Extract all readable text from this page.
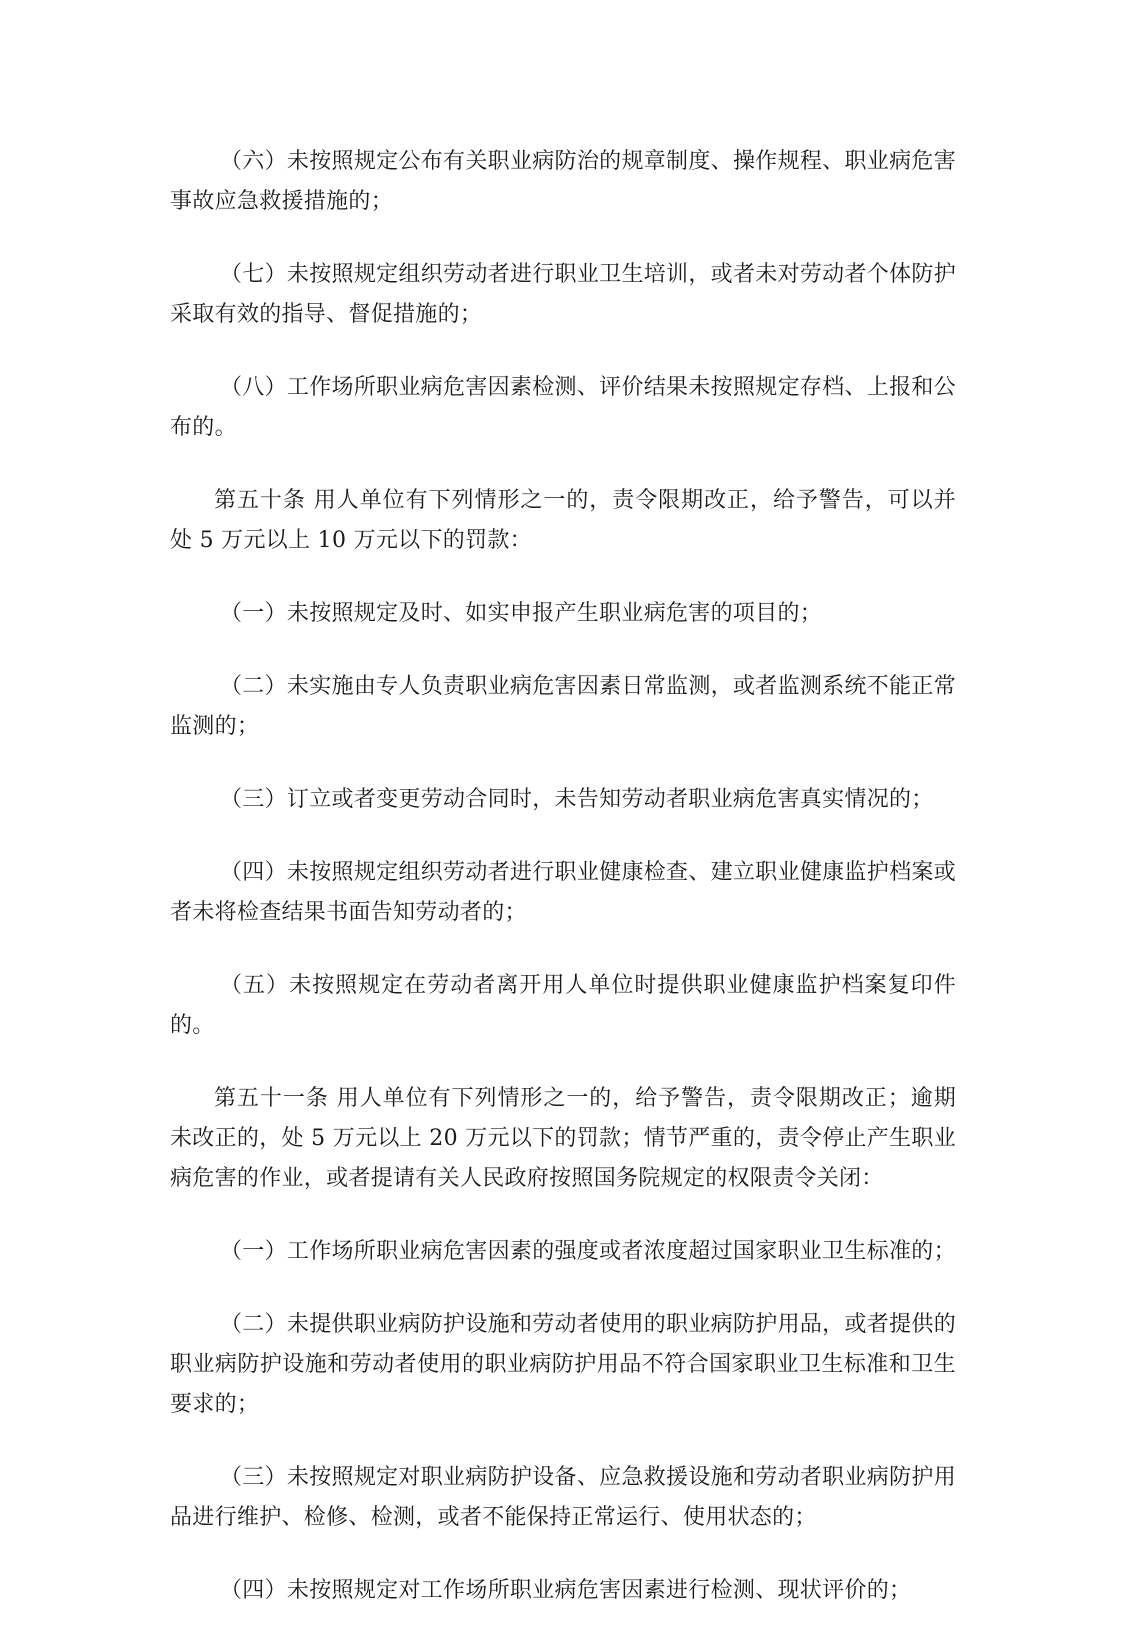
（六）未按照规定公布有关职业病防治的规章制度、操作规程、职业病危害事故应急救援措施的；

（七）未按照规定组织劳动者进行职业卫生培训，或者未对劳动者个体防护采取有效的指导、督促措施的；

（八）工作场所职业病危害因素检测、评价结果未按照规定存档、上报和公布的。

第五十条 用人单位有下列情形之一的，责令限期改正，给予警告，可以并处 5 万元以上 10 万元以下的罚款：

（一）未按照规定及时、如实申报产生职业病危害的项目的；

（二）未实施由专人负责职业病危害因素日常监测，或者监测系统不能正常监测的；

（三）订立或者变更劳动合同时，未告知劳动者职业病危害真实情况的；

（四）未按照规定组织劳动者进行职业健康检查、建立职业健康监护档案或者未将检查结果书面告知劳动者的；

（五）未按照规定在劳动者离开用人单位时提供职业健康监护档案复印件的。

第五十一条 用人单位有下列情形之一的，给予警告，责令限期改正；逾期未改正的，处 5 万元以上 20 万元以下的罚款；情节严重的，责令停止产生职业病危害的作业，或者提请有关人民政府按照国务院规定的权限责令关闭：

（一）工作场所职业病危害因素的强度或者浓度超过国家职业卫生标准的；

（二）未提供职业病防护设施和劳动者使用的职业病防护用品，或者提供的职业病防护设施和劳动者使用的职业病防护用品不符合国家职业卫生标准和卫生要求的；

（三）未按照规定对职业病防护设备、应急救援设施和劳动者职业病防护用品进行维护、检修、检测，或者不能保持正常运行、使用状态的；

（四）未按照规定对工作场所职业病危害因素进行检测、现状评价的；
